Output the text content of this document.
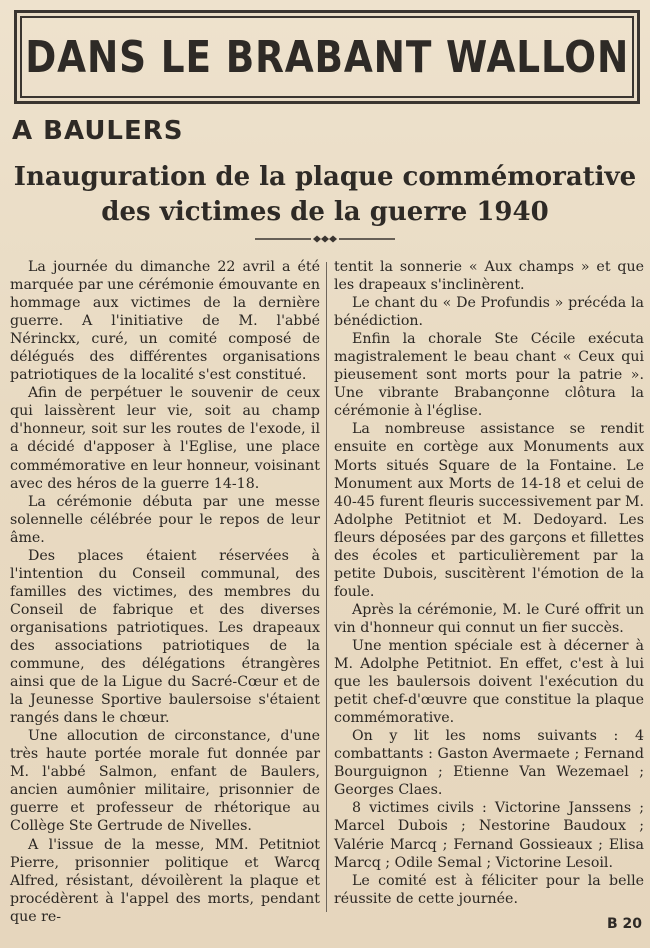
DANS LE BRABANT WALLON
A BAULERS
Inauguration de la plaque commémorative
des victimes de la guerre 1940

La journée du dimanche 22 avril a été marquée par une cérémonie émouvante en hommage aux victimes de la dernière guerre. A l'initiative de M. l'abbé Nérinckx, curé, un comité composé de délégués des différentes organisations patriotiques de la localité s'est constitué.

Afin de perpétuer le souvenir de ceux qui laissèrent leur vie, soit au champ d'honneur, soit sur les routes de l'exode, il a décidé d'apposer à l'Eglise, une place commémorative en leur honneur, voisinant avec des héros de la guerre 14-18.

La cérémonie débuta par une messe solennelle célébrée pour le repos de leur âme.

Des places étaient réservées à l'intention du Conseil communal, des familles des victimes, des membres du Conseil de fabrique et des diverses organisations patriotiques. Les drapeaux des associations patriotiques de la commune, des délégations étrangères ainsi que de la Ligue du Sacré-Cœur et de la Jeunesse Sportive baulersoise s'étaient rangés dans le chœur.

Une allocution de circonstance, d'une très haute portée morale fut donnée par M. l'abbé Salmon, enfant de Baulers, ancien aumônier militaire, prisonnier de guerre et professeur de rhétorique au Collège Ste Gertrude de Nivelles.

A l'issue de la messe, MM. Petitniot Pierre, prisonnier politique et Warcq Alfred, résistant, dévoilèrent la plaque et procédèrent à l'appel des morts, pendant que re-

tentit la sonnerie « Aux champs » et que les drapeaux s'inclinèrent.

Le chant du « De Profundis » précéda la bénédiction.

Enfin la chorale Ste Cécile exécuta magistralement le beau chant « Ceux qui pieusement sont morts pour la patrie ». Une vibrante Brabançonne clôtura la cérémonie à l'église.

La nombreuse assistance se rendit ensuite en cortège aux Monuments aux Morts situés Square de la Fontaine. Le Monument aux Morts de 14-18 et celui de 40-45 furent fleuris successivement par M. Adolphe Petitniot et M. Dedoyard. Les fleurs déposées par des garçons et fillettes des écoles et particulièrement par la petite Dubois, suscitèrent l'émotion de la foule.

Après la cérémonie, M. le Curé offrit un vin d'honneur qui connut un fier succès.

Une mention spéciale est à décerner à M. Adolphe Petitniot. En effet, c'est à lui que les baulersois doivent l'exécution du petit chef-d'œuvre que constitue la plaque commémorative.

On y lit les noms suivants : 4 combattants : Gaston Avermaete ; Fernand Bourguignon ; Etienne Van Wezemael ; Georges Claes.

8 victimes civils : Victorine Janssens ; Marcel Dubois ; Nestorine Baudoux ; Valérie Marcq ; Fernand Gossieaux ; Elisa Marcq ; Odile Semal ; Victorine Lesoil.

Le comité est à féliciter pour la belle réussite de cette journée.

B 20
